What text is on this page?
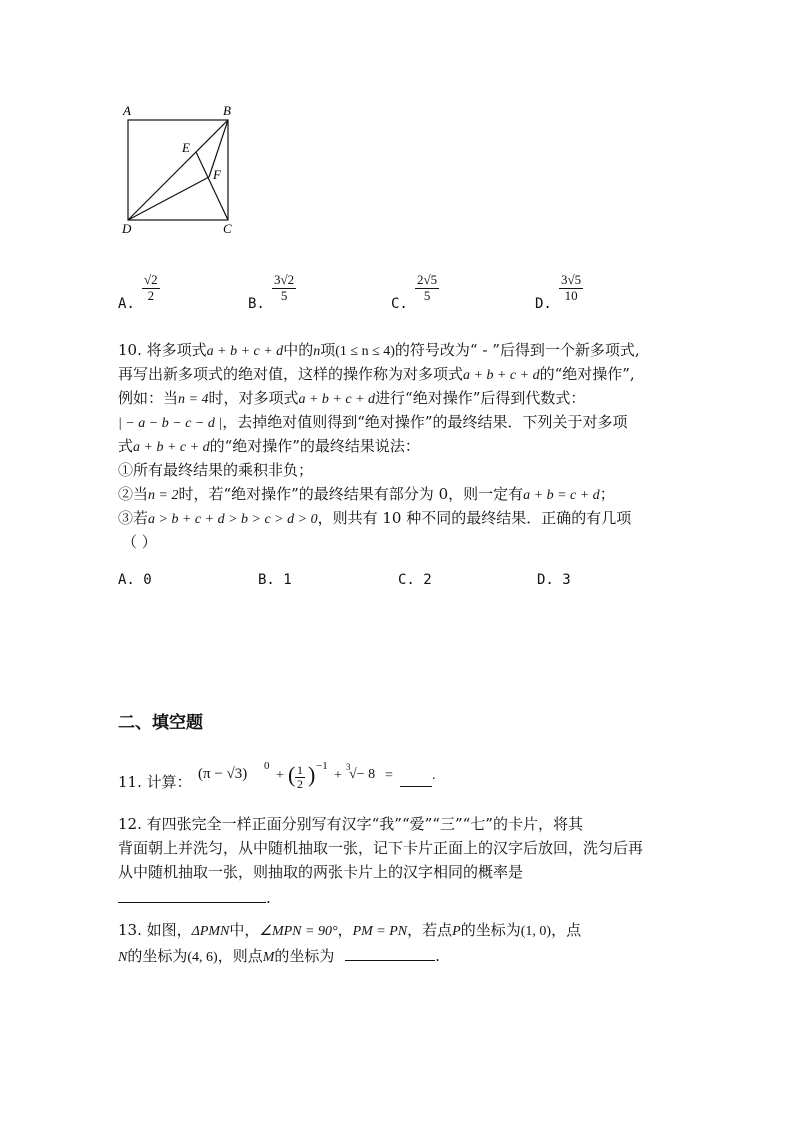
A	B
C
D
E
F
A.
$\frac{√2}{2}$
B.
$\frac{3√2}{5}$
C.
$\frac{2√5}{5}$
D.
$\frac{3√5}{10}$
10. 将多项式a + b + c + d中的n项(1 ≤ n ≤ 4)的符号改为“ - ”后得到一个新多项式,
再写出新多项式的绝对值，这样的操作称为对多项式a + b + c + d的“绝对操作”,
例如：当n = 4时，对多项式a + b + c + d进行“绝对操作”后得到代数式：
| − a − b − c − d |，去掉绝对值则得到“绝对操作”的最终结果．下列关于对多项
式a + b + c + d的“绝对操作”的最终结果说法：
①所有最终结果的乘积非负；
②当n = 2时，若“绝对操作”的最终结果有部分为 0，则一定有a + b = c + d；
③若a > b + c + d > b > c > d > 0，则共有 10 种不同的最终结果．正确的有几项
（ ）
A. 0	B. 1	C. 2	D. 3
二、填空题
11. 计算： (π − √3) 0
+ ( $\frac{1}{2}$ ) −1
+
3
√− 8 =	.
12. 有四张完全一样正面分别写有汉字“我”“爱”“三”“七”的卡片，将其
背面朝上并洗匀，从中随机抽取一张，记下卡片正面上的汉字后放回，洗匀后再
从中随机抽取一张，则抽取的两张卡片上的汉字相同的概率是
.
13. 如图，ΔPMN中，∠MPN = 90°，PM = PN，若点P的坐标为(1, 0)，点
N的坐标为(4, 6)，则点M的坐标为	.
